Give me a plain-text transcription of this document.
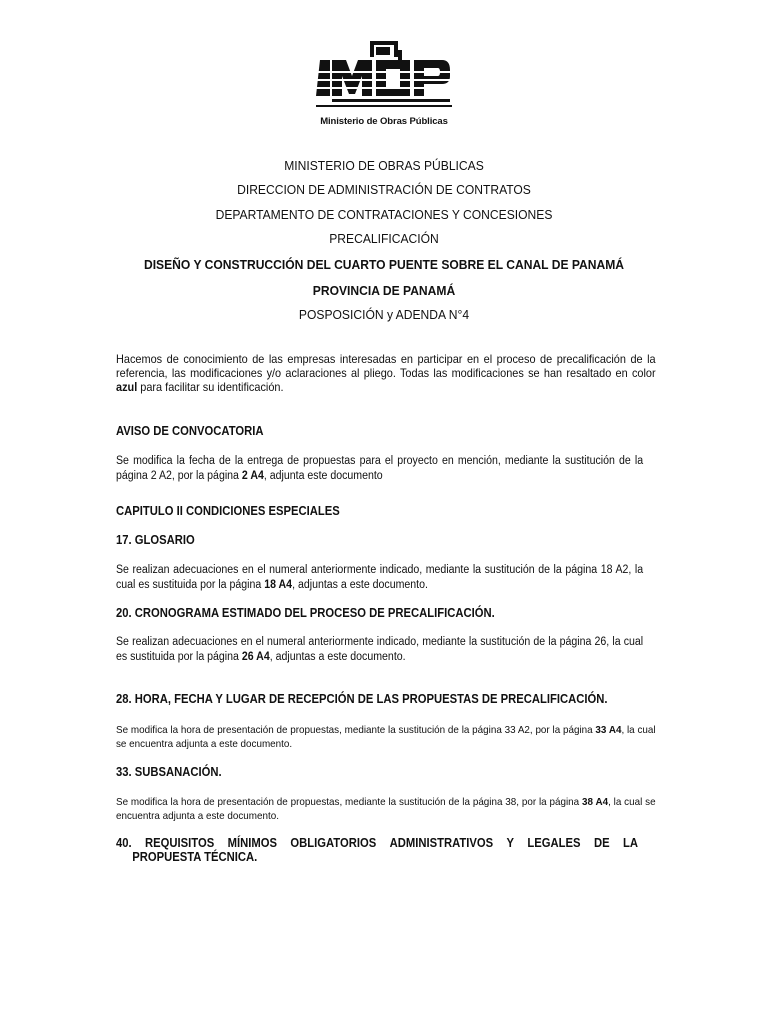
Ministerio de Obras Públicas
MINISTERIO DE OBRAS PÚBLICAS
DIRECCION DE ADMINISTRACIÓN DE CONTRATOS
DEPARTAMENTO DE CONTRATACIONES Y CONCESIONES
PRECALIFICACIÓN
DISEÑO Y CONSTRUCCIÓN DEL CUARTO PUENTE SOBRE EL CANAL DE PANAMÁ
PROVINCIA DE PANAMÁ
POSPOSICIÓN y ADENDA N°4
Hacemos de conocimiento de las empresas interesadas en participar en el proceso de precalificación de la referencia, las modificaciones y/o aclaraciones al pliego. Todas las modificaciones se han resaltado en color azul para facilitar su identificación.
AVISO DE CONVOCATORIA
Se modifica la fecha de la entrega de propuestas para el proyecto en mención, mediante la sustitución de la página 2 A2, por la página 2 A4, adjunta este documento
CAPITULO II CONDICIONES ESPECIALES
17. GLOSARIO
Se realizan adecuaciones en el numeral anteriormente indicado, mediante la sustitución de la página 18 A2, la cual es sustituida por la página 18 A4, adjuntas a este documento.
20. CRONOGRAMA ESTIMADO DEL PROCESO DE PRECALIFICACIÓN.
Se realizan adecuaciones en el numeral anteriormente indicado, mediante la sustitución de la página 26, la cual es sustituida por la página 26 A4, adjuntas a este documento.
28. HORA, FECHA Y LUGAR DE RECEPCIÓN DE LAS PROPUESTAS DE PRECALIFICACIÓN.
Se modifica la hora de presentación de propuestas, mediante la sustitución de la página 33 A2, por la página 33 A4, la cual se encuentra adjunta a este documento.
33. SUBSANACIÓN.
Se modifica la hora de presentación de propuestas, mediante la sustitución de la página 38, por la página 38 A4, la cual se encuentra adjunta a este documento.
40. REQUISITOS MÍNIMOS OBLIGATORIOS ADMINISTRATIVOS Y LEGALES DE LA
PROPUESTA TÉCNICA.
